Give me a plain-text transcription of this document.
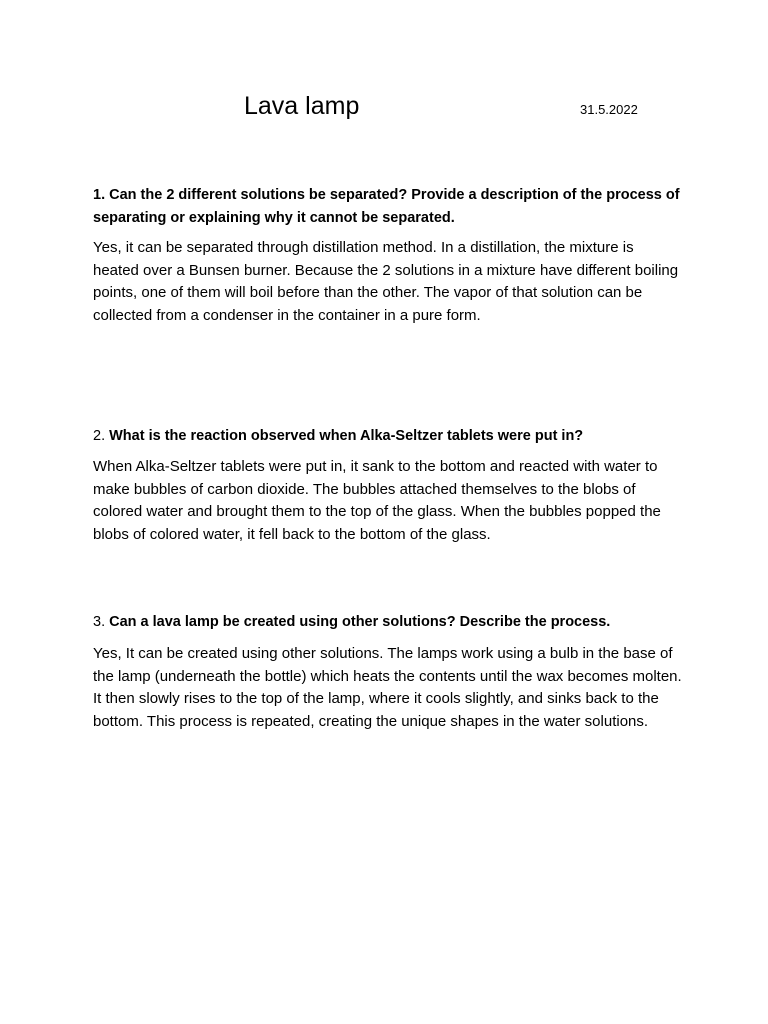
Lava lamp	31.5.2022
1. Can the 2 different solutions be separated? Provide a description of the process of separating or explaining why it cannot be separated.
Yes, it can be separated through distillation method. In a distillation, the mixture is heated over a Bunsen burner. Because the 2 solutions in a mixture have different boiling points, one of them will boil before than the other. The vapor of that solution can be collected from a condenser in the container in a pure form.
2. What is the reaction observed when Alka-Seltzer tablets were put in?
When Alka-Seltzer tablets were put in, it sank to the bottom and reacted with water to make bubbles of carbon dioxide. The bubbles attached themselves to the blobs of colored water and brought them to the top of the glass. When the bubbles popped the blobs of colored water, it fell back to the bottom of the glass.
3. Can a lava lamp be created using other solutions? Describe the process.
Yes, It can be created using other solutions. The lamps work using a bulb in the base of the lamp (underneath the bottle) which heats the contents until the wax becomes molten. It then slowly rises to the top of the lamp, where it cools slightly, and sinks back to the bottom. This process is repeated, creating the unique shapes in the water solutions.
